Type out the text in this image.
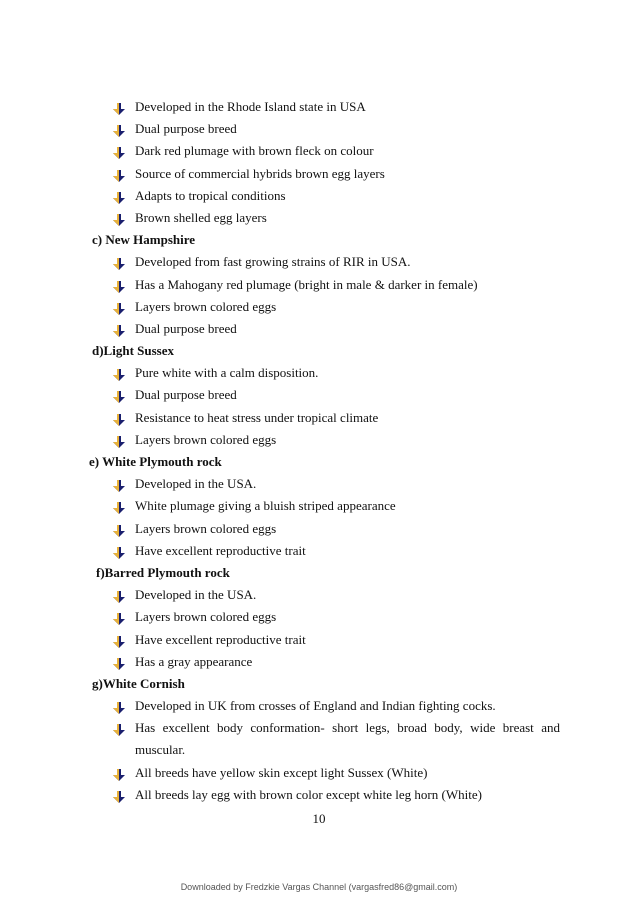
Developed in the Rhode Island state in USA
Dual purpose breed
Dark red plumage with brown fleck on colour
Source of commercial hybrids brown egg layers
Adapts to tropical conditions
Brown shelled egg layers
c) New Hampshire
Developed from fast growing strains of RIR in USA.
Has a Mahogany red plumage (bright in male & darker in female)
Layers brown colored eggs
Dual purpose breed
d)Light Sussex
Pure white with a calm disposition.
Dual purpose breed
Resistance to heat stress under tropical climate
Layers brown colored eggs
e) White Plymouth rock
Developed in the USA.
White plumage giving a bluish striped appearance
Layers brown colored eggs
Have excellent reproductive trait
f)Barred Plymouth rock
Developed in the USA.
Layers brown colored eggs
Have excellent reproductive trait
Has a gray appearance
g)White Cornish
Developed in UK from crosses of England and Indian fighting cocks.
Has excellent body conformation- short legs, broad body, wide breast and
muscular.
All breeds have yellow skin except light Sussex (White)
All breeds lay egg with brown color except white leg horn (White)
10
Downloaded by Fredzkie Vargas Channel (vargasfred86@gmail.com)
